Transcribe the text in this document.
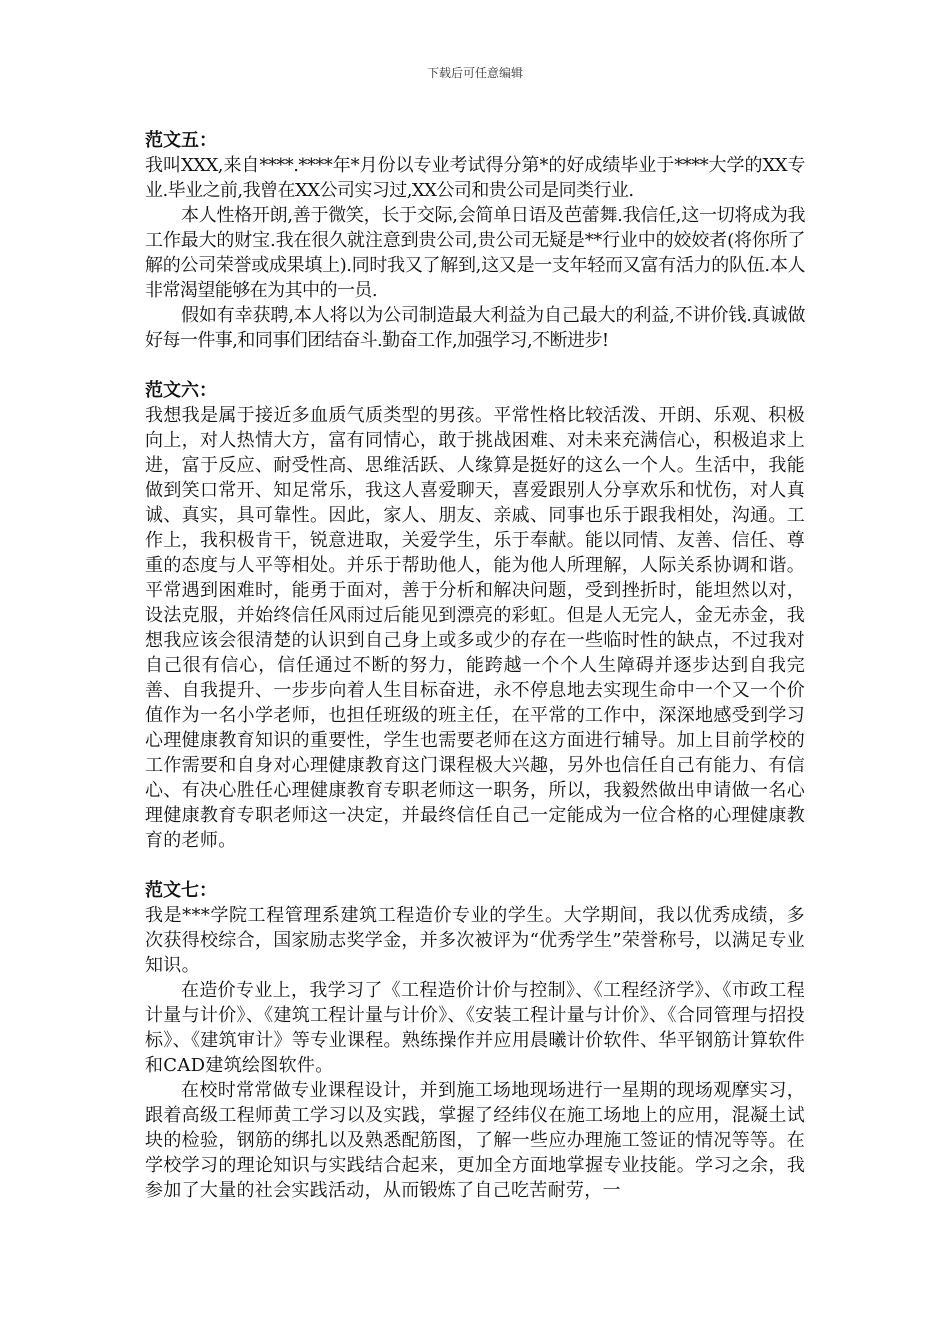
下载后可任意编辑

范文五：

我叫XXX,来自****.****年*月份以专业考试得分第*的好成绩毕业于****大学的XX专业.毕业之前,我曾在XX公司实习过,XX公司和贵公司是同类行业.

本人性格开朗,善于微笑，长于交际,会简单日语及芭蕾舞.我信任,这一切将成为我工作最大的财宝.我在很久就注意到贵公司,贵公司无疑是**行业中的姣姣者(将你所了解的公司荣誉或成果填上).同时我又了解到,这又是一支年轻而又富有活力的队伍.本人非常渴望能够在为其中的一员.

假如有幸获聘,本人将以为公司制造最大利益为自己最大的利益,不讲价钱.真诚做好每一件事,和同事们团结奋斗.勤奋工作,加强学习,不断进步!

范文六：

我想我是属于接近多血质气质类型的男孩。平常性格比较活泼、开朗、乐观、积极向上，对人热情大方，富有同情心，敢于挑战困难、对未来充满信心，积极追求上进，富于反应、耐受性高、思维活跃、人缘算是挺好的这么一个人。生活中，我能做到笑口常开、知足常乐，我这人喜爱聊天，喜爱跟别人分享欢乐和忧伤，对人真诚、真实，具可靠性。因此，家人、朋友、亲戚、同事也乐于跟我相处，沟通。工作上，我积极肯干，锐意进取，关爱学生，乐于奉献。能以同情、友善、信任、尊重的态度与人平等相处。并乐于帮助他人，能为他人所理解，人际关系协调和谐。平常遇到困难时，能勇于面对，善于分析和解决问题，受到挫折时，能坦然以对，设法克服，并始终信任风雨过后能见到漂亮的彩虹。但是人无完人，金无赤金，我想我应该会很清楚的认识到自己身上或多或少的存在一些临时性的缺点，不过我对自己很有信心，信任通过不断的努力，能跨越一个个人生障碍并逐步达到自我完善、自我提升、一步步向着人生目标奋进，永不停息地去实现生命中一个又一个价值作为一名小学老师，也担任班级的班主任，在平常的工作中，深深地感受到学习心理健康教育知识的重要性，学生也需要老师在这方面进行辅导。加上目前学校的工作需要和自身对心理健康教育这门课程极大兴趣，另外也信任自己有能力、有信心、有决心胜任心理健康教育专职老师这一职务，所以，我毅然做出申请做一名心理健康教育专职老师这一决定，并最终信任自己一定能成为一位合格的心理健康教育的老师。

范文七：

我是***学院工程管理系建筑工程造价专业的学生。大学期间，我以优秀成绩，多次获得校综合，国家励志奖学金，并多次被评为“优秀学生”荣誉称号，以满足专业知识。

在造价专业上，我学习了《工程造价计价与控制》、《工程经济学》、《市政工程计量与计价》、《建筑工程计量与计价》、《安装工程计量与计价》、《合同管理与招投标》、《建筑审计》等专业课程。熟练操作并应用晨曦计价软件、华平钢筋计算软件和CAD建筑绘图软件。

在校时常常做专业课程设计，并到施工场地现场进行一星期的现场观摩实习，跟着高级工程师黄工学习以及实践，掌握了经纬仪在施工场地上的应用，混凝土试块的检验，钢筋的绑扎以及熟悉配筋图，了解一些应办理施工签证的情况等等。在学校学习的理论知识与实践结合起来，更加全方面地掌握专业技能。学习之余，我参加了大量的社会实践活动，从而锻炼了自己吃苦耐劳，一
